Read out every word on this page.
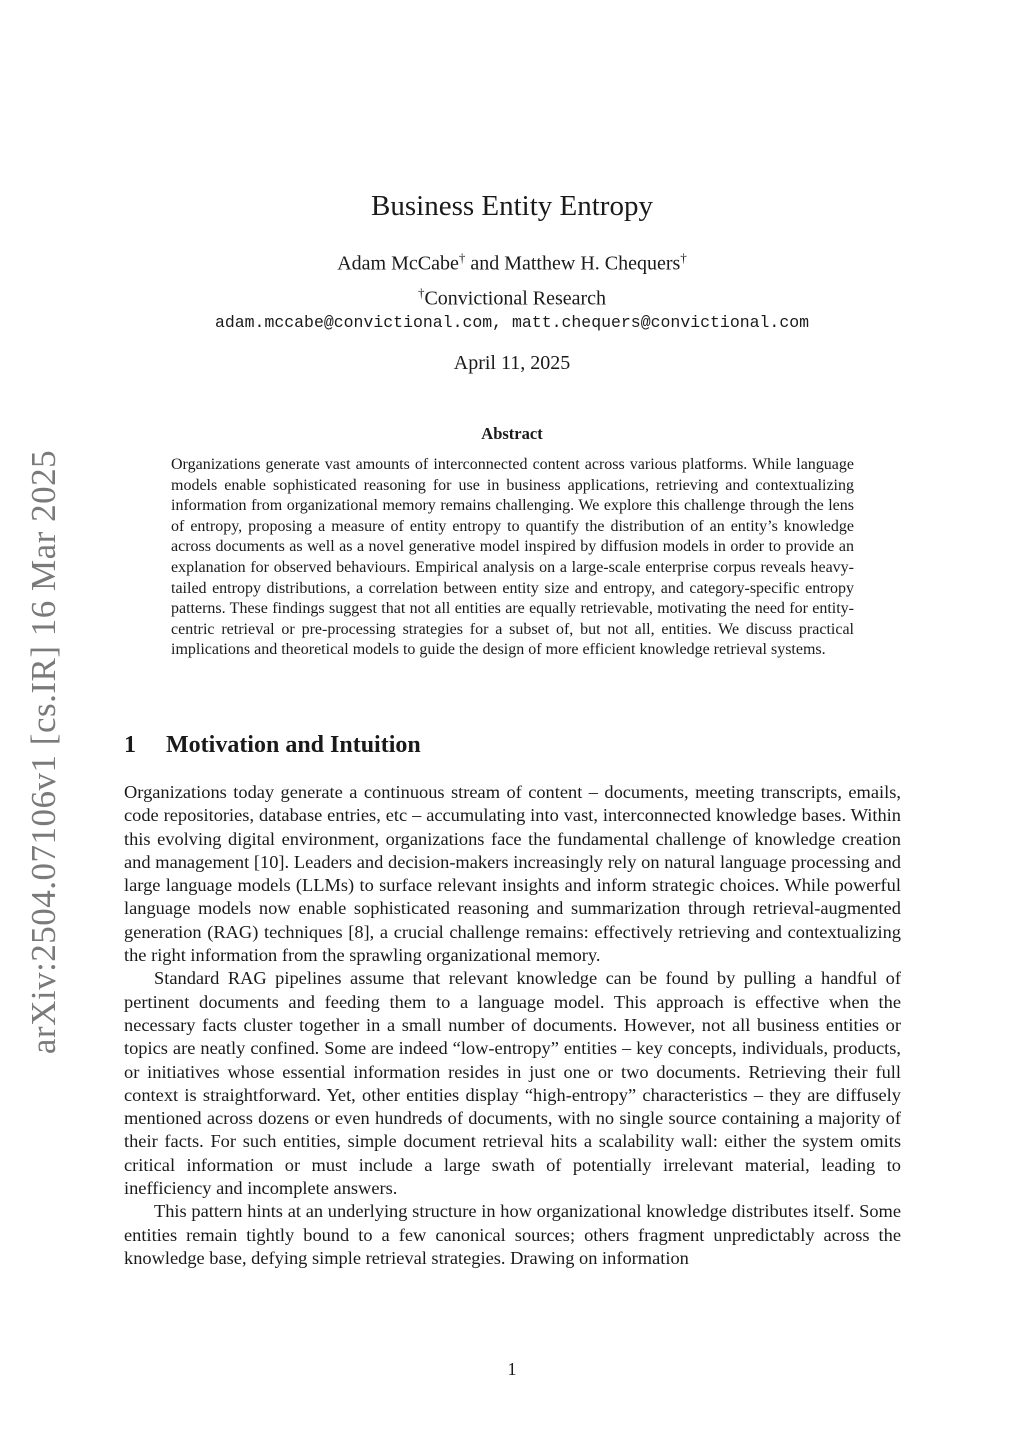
arXiv:2504.07106v1 [cs.IR] 16 Mar 2025
Business Entity Entropy
Adam McCabe† and Matthew H. Chequers†
†Convictional Research
adam.mccabe@convictional.com, matt.chequers@convictional.com
April 11, 2025
Abstract
Organizations generate vast amounts of interconnected content across various platforms. While language models enable sophisticated reasoning for use in business applications, retrieving and contextualizing information from organizational memory remains challenging. We explore this challenge through the lens of entropy, proposing a measure of entity entropy to quantify the distribution of an entity’s knowledge across documents as well as a novel generative model inspired by diffusion models in order to provide an explanation for observed behaviours. Empirical analysis on a large-scale enterprise corpus reveals heavy-tailed entropy distributions, a correlation between entity size and entropy, and category-specific entropy patterns. These findings suggest that not all entities are equally retrievable, motivating the need for entity-centric retrieval or pre-processing strategies for a subset of, but not all, entities. We discuss practical implications and theoretical models to guide the design of more efficient knowledge retrieval systems.
1 Motivation and Intuition

Organizations today generate a continuous stream of content – documents, meeting transcripts, emails, code repositories, database entries, etc – accumulating into vast, interconnected knowledge bases. Within this evolving digital environment, organizations face the fundamental challenge of knowledge creation and management [10]. Leaders and decision-makers increasingly rely on natural language processing and large language models (LLMs) to surface relevant insights and inform strategic choices. While powerful language models now enable sophisticated reasoning and summarization through retrieval-augmented generation (RAG) techniques [8], a crucial challenge remains: effectively retrieving and contextualizing the right information from the sprawling organizational memory.

Standard RAG pipelines assume that relevant knowledge can be found by pulling a handful of pertinent documents and feeding them to a language model. This approach is effective when the necessary facts cluster together in a small number of documents. However, not all business entities or topics are neatly confined. Some are indeed “low-entropy” entities – key concepts, individuals, products, or initiatives whose essential information resides in just one or two documents. Retrieving their full context is straightforward. Yet, other entities display “high-entropy” characteristics – they are diffusely mentioned across dozens or even hundreds of documents, with no single source containing a majority of their facts. For such entities, simple document retrieval hits a scalability wall: either the system omits critical information or must include a large swath of potentially irrelevant material, leading to inefficiency and incomplete answers.

This pattern hints at an underlying structure in how organizational knowledge distributes itself. Some entities remain tightly bound to a few canonical sources; others fragment unpredictably across the knowledge base, defying simple retrieval strategies. Drawing on information

1
